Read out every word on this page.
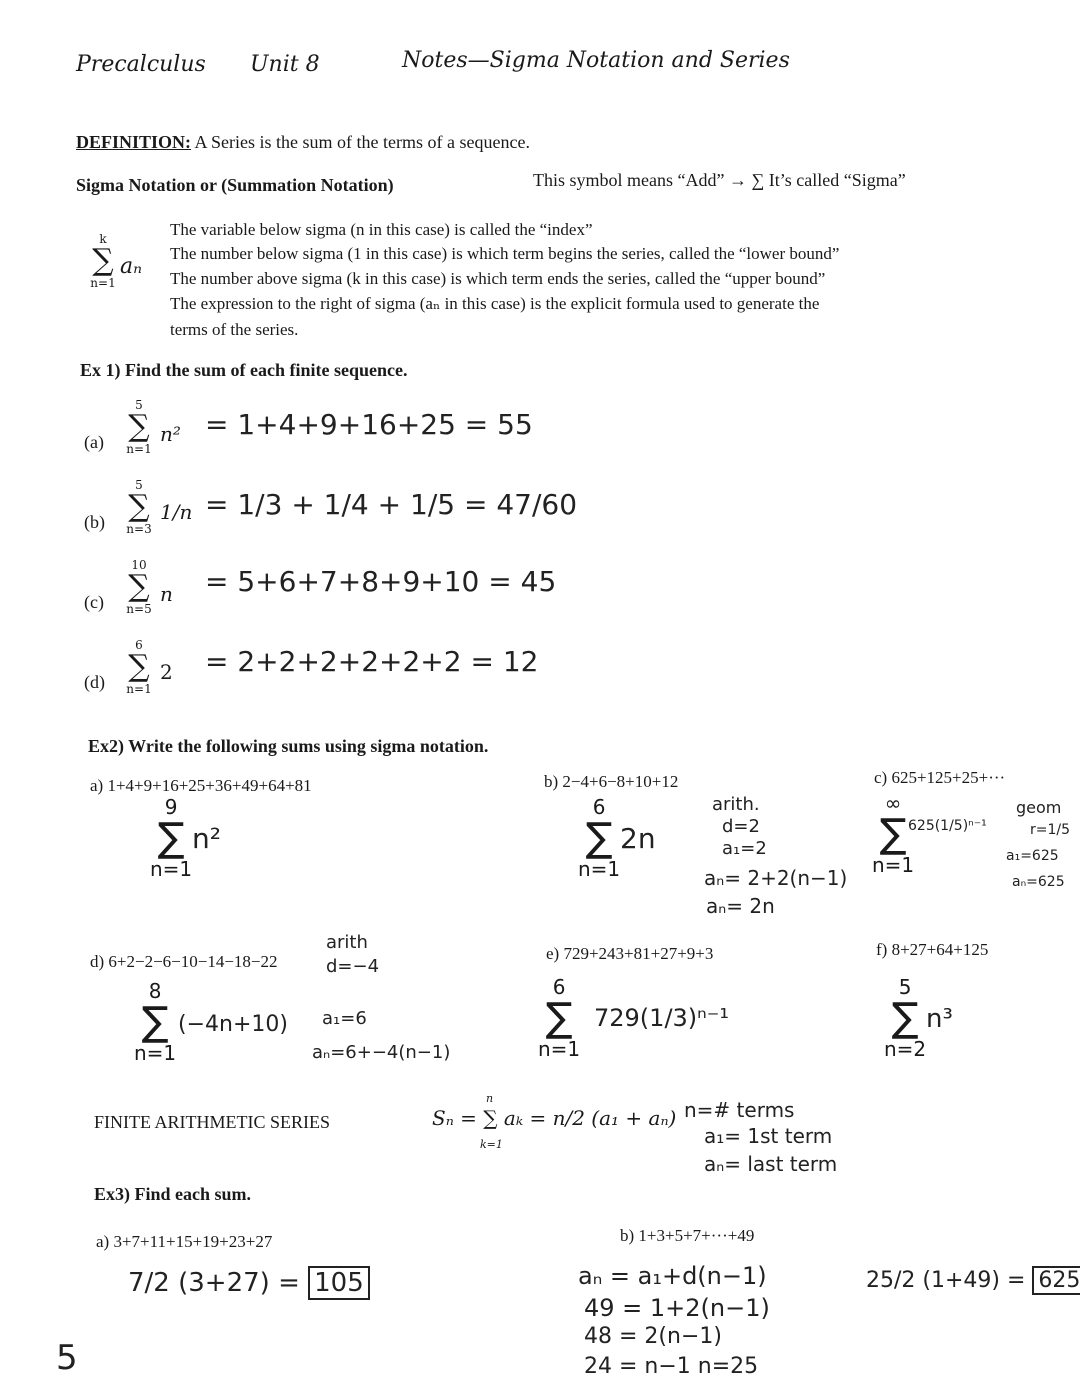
Precalculus Unit 8	Notes—Sigma Notation and Series
DEFINITION: A Series is the sum of the terms of a sequence.
Sigma Notation or (Summation Notation)	This symbol means “Add” → ∑ It’s called “Sigma”
k
∑
n=1
aₙ
The variable below sigma (n in this case) is called the “index”
The number below sigma (1 in this case) is which term begins the series, called the “lower bound”
The number above sigma (k in this case) is which term ends the series, called the “upper bound”
The expression to the right of sigma (aₙ in this case) is the explicit formula used to generate the
terms of the series.
Ex 1) Find the sum of each finite sequence.
(a)
5
∑
n=1
n² = 1+4+9+16+25 = 55
(b)
5
∑
n=3
1/n = 1/3 + 1/4 + 1/5 = 47/60
(c)
10
∑
n=5
n = 5+6+7+8+9+10 = 45
(d)
6
∑
n=1
2 = 2+2+2+2+2+2 = 12
Ex2) Write the following sums using sigma notation.
a) 1+4+9+16+25+36+49+64+81	b) 2−4+6−8+10+12	c) 625+125+25+···
9
∑
n=1
n²
6
∑
n=1
2n
arith.
d=2
a₁=2
aₙ= 2+2(n−1)
aₙ= 2n
∞
∑
n=1
625(1/5)ⁿ⁻¹
geom
r=1/5
a₁=625
aₙ=625
d) 6+2−2−6−10−14−18−22	e) 729+243+81+27+9+3	f) 8+27+64+125
8
∑
n=1
(−4n+10)
arith
d=−4
a₁=6
aₙ=6+−4(n−1)
6
∑
n=1
729(1/3)ⁿ⁻¹
5
∑
n=2
n³
FINITE ARITHMETIC SERIES	Sₙ = ∑ aₖ = n/2 (a₁ + aₙ)
n
k=1
n=# terms
a₁= 1st term
aₙ= last term
Ex3) Find each sum.
a) 3+7+11+15+19+23+27
7/2 (3+27) = 105
b) 1+3+5+7+···+49
aₙ = a₁+d(n−1)
49 = 1+2(n−1)
48 = 2(n−1)
24 = n−1 n=25
25/2 (1+49) = 625
5
